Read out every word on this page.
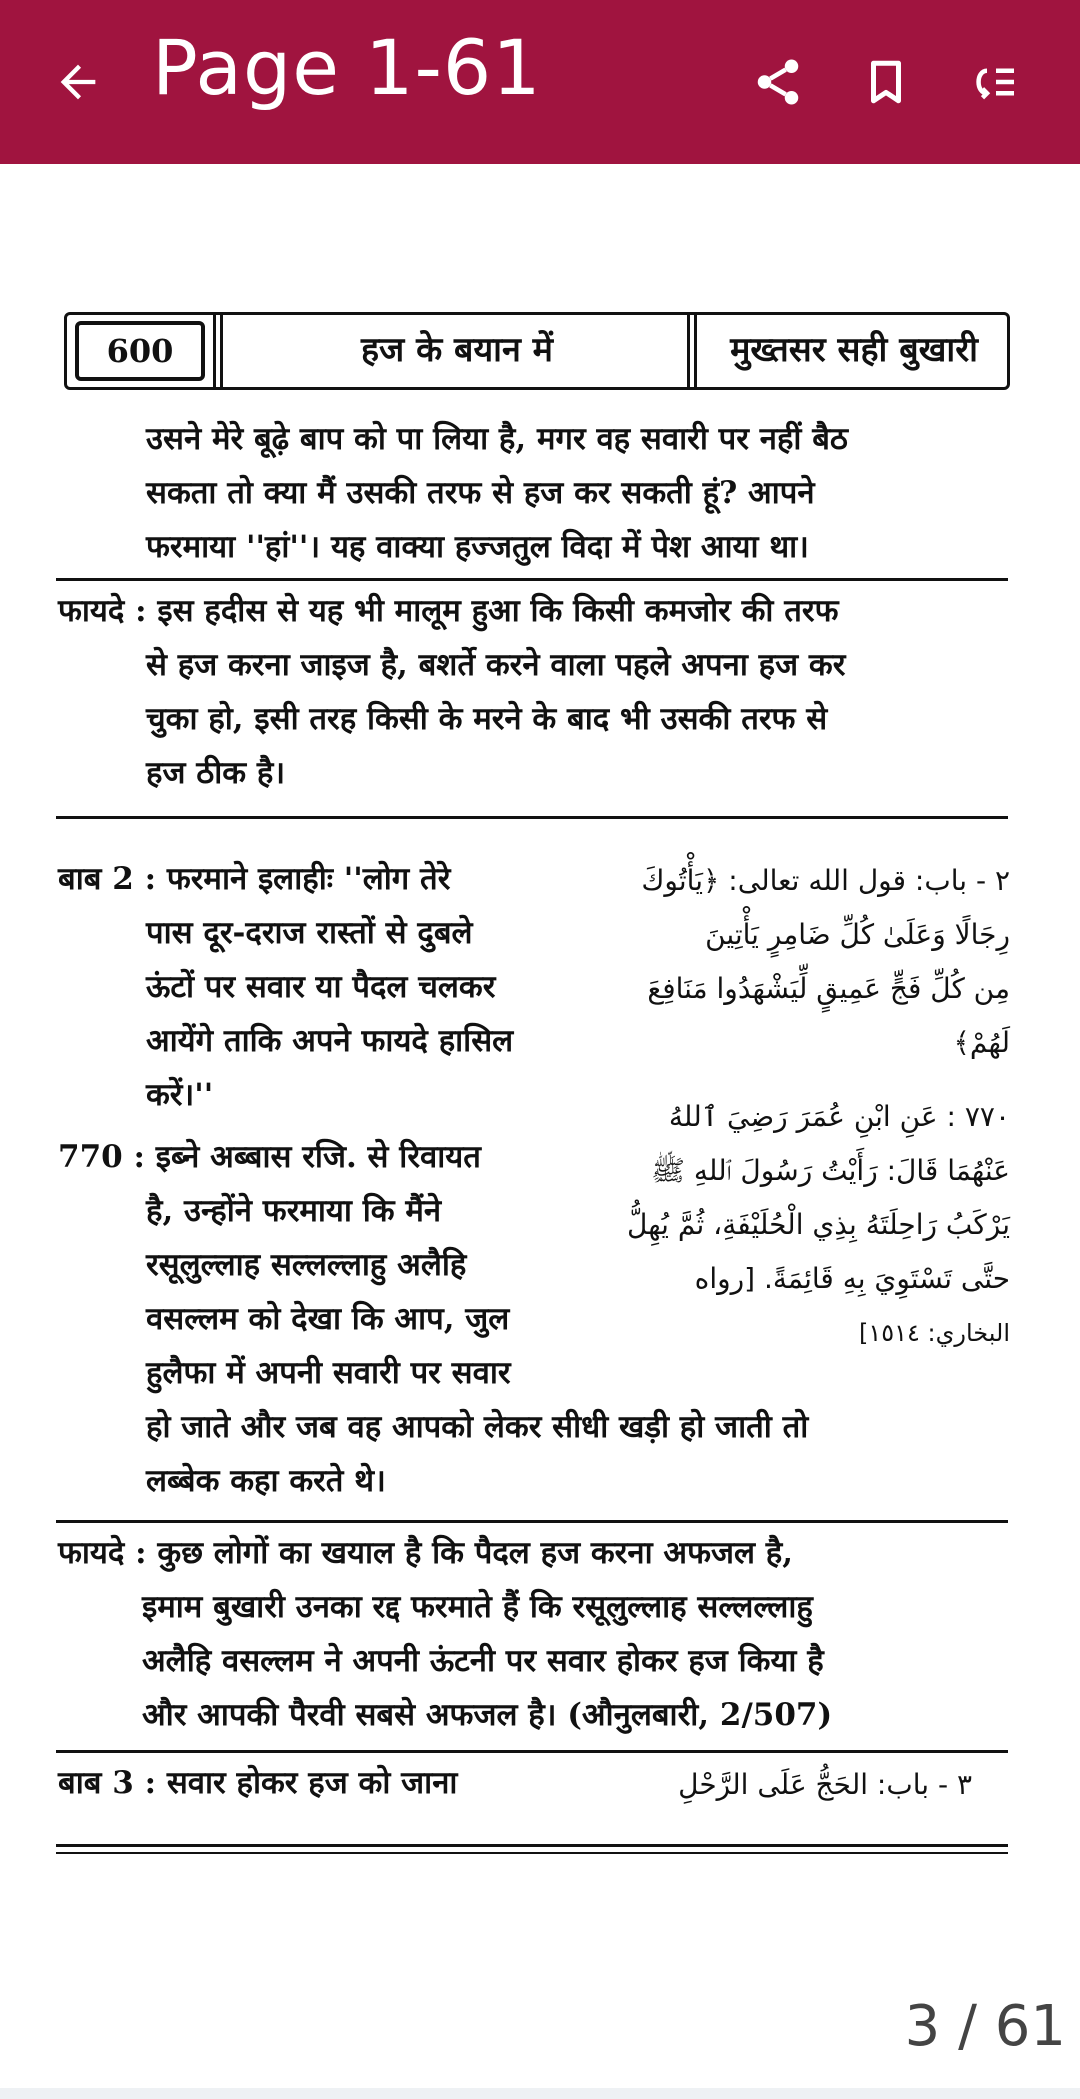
Page 1-61
600	हज के बयान में	मुख्तसर सही बुखारी
उसने मेरे बूढ़े बाप को पा लिया है, मगर वह सवारी पर नहीं बैठ
सकता तो क्या मैं उसकी तरफ से हज कर सकती हूं? आपने
फरमाया ''हां''। यह वाक्या हज्जतुल विदा में पेश आया था।
फायदे : इस हदीस से यह भी मालूम हुआ कि किसी कमजोर की तरफ
से हज करना जाइज है, बशर्ते करने वाला पहले अपना हज कर
चुका हो, इसी तरह किसी के मरने के बाद भी उसकी तरफ से
हज ठीक है।
बाब 2 : फरमाने इलाहीः ''लोग तेरे
पास दूर-दराज रास्तों से दुबले
ऊंटों पर सवार या पैदल चलकर
आयेंगे ताकि अपने फायदे हासिल
करें।''
٢ - باب: قول الله تعالى: ﴿يَأْتُوكَ
رِجَالًا وَعَلَىٰ كُلِّ ضَامِرٍ يَأْتِينَ
مِن كُلِّ فَجٍّ عَمِيقٍ لِّيَشْهَدُوا مَنَافِعَ
لَهُمْ﴾
770 : इब्ने अब्बास रजि. से रिवायत
है, उन्होंने फरमाया कि मैंने
रसूलुल्लाह सल्लल्लाहु अलैहि
वसल्लम को देखा कि आप, जुल
हुलैफा में अपनी सवारी पर सवार
٧٧٠ : عَنِ ابْنِ عُمَرَ رَضِيَ ٱللهُ
عَنْهُمَا قَالَ: رَأَيْتُ رَسُولَ ٱللهِ ﷺ
يَرْكَبُ رَاحِلَتَهُ بِذِي الْحُلَيْفَةِ، ثُمَّ يُهِلُّ
حتَّى تَسْتَوِيَ بِهِ قَائِمَةً. [رواه
البخاري: ١٥١٤]
हो जाते और जब वह आपको लेकर सीधी खड़ी हो जाती तो
लब्बेक कहा करते थे।
फायदे : कुछ लोगों का खयाल है कि पैदल हज करना अफजल है,
इमाम बुखारी उनका रद्द फरमाते हैं कि रसूलुल्लाह सल्लल्लाहु
अलैहि वसल्लम ने अपनी ऊंटनी पर सवार होकर हज किया है
और आपकी पैरवी सबसे अफजल है। (औनुलबारी, 2/507)
बाब 3 : सवार होकर हज को जाना	٣ - باب: الحَجُّ عَلَى الرَّحْلِ
3 / 61
